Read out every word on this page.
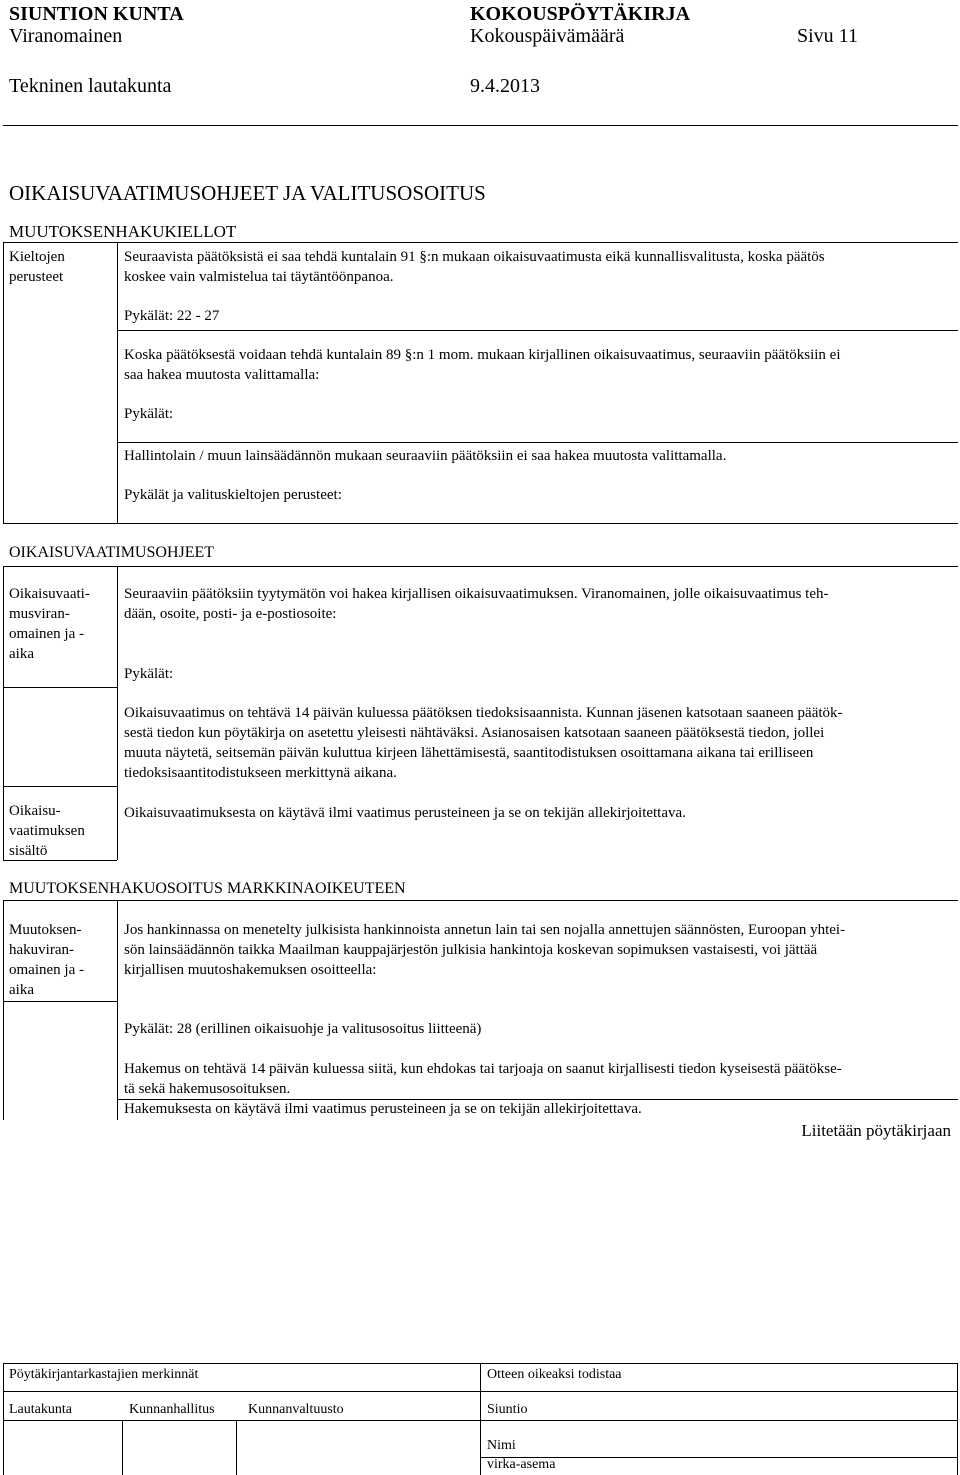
SIUNTION KUNTA	KOKOUSPÖYTÄKIRJA
Viranomainen	Kokouspäivämäärä	Sivu 11
Tekninen lautakunta	9.4.2013
OIKAISUVAATIMUSOHJEET JA VALITUSOSOITUS
MUUTOKSENHAKUKIELLOT
Kieltojen
perusteet
Seuraavista päätöksistä ei saa tehdä kuntalain 91 §:n mukaan oikaisuvaatimusta eikä kunnallisvalitusta, koska päätös
koskee vain valmistelua tai täytäntöönpanoa.
Pykälät: 22 - 27
Koska päätöksestä voidaan tehdä kuntalain 89 §:n 1 mom. mukaan kirjallinen oikaisuvaatimus, seuraaviin päätöksiin ei
saa hakea muutosta valittamalla:
Pykälät:
Hallintolain / muun lainsäädännön mukaan seuraaviin päätöksiin ei saa hakea muutosta valittamalla.
Pykälät ja valituskieltojen perusteet:
OIKAISUVAATIMUSOHJEET
Oikaisuvaati-
musviran-
omainen ja -
aika
Seuraaviin päätöksiin tyytymätön voi hakea kirjallisen oikaisuvaatimuksen. Viranomainen, jolle oikaisuvaatimus teh-
dään, osoite, posti- ja e-postiosoite:
Pykälät:
Oikaisuvaatimus on tehtävä 14 päivän kuluessa päätöksen tiedoksisaannista. Kunnan jäsenen katsotaan saaneen päätök-
sestä tiedon kun pöytäkirja on asetettu yleisesti nähtäväksi. Asianosaisen katsotaan saaneen päätöksestä tiedon, jollei
muuta näytetä, seitsemän päivän kuluttua kirjeen lähettämisestä, saantitodistuksen osoittamana aikana tai erilliseen
tiedoksisaantitodistukseen merkittynä aikana.
Oikaisu-
vaatimuksen
sisältö
Oikaisuvaatimuksesta on käytävä ilmi vaatimus perusteineen ja se on tekijän allekirjoitettava.
MUUTOKSENHAKUOSOITUS MARKKINAOIKEUTEEN
Muutoksen-
hakuviran-
omainen ja -
aika
Jos hankinnassa on menetelty julkisista hankinnoista annetun lain tai sen nojalla annettujen säännösten, Euroopan yhtei-
sön lainsäädännön taikka Maailman kauppajärjestön julkisia hankintoja koskevan sopimuksen vastaisesti, voi jättää
kirjallisen muutoshakemuksen osoitteella:
Pykälät: 28 (erillinen oikaisuohje ja valitusosoitus liitteenä)
Hakemus on tehtävä 14 päivän kuluessa siitä, kun ehdokas tai tarjoaja on saanut kirjallisesti tiedon kyseisestä päätökse-
tä sekä hakemusosoituksen.
Hakemuksesta on käytävä ilmi vaatimus perusteineen ja se on tekijän allekirjoitettava.
Liitetään pöytäkirjaan
Pöytäkirjantarkastajien merkinnät	Otteen oikeaksi todistaa
Lautakunta	Kunnanhallitus Kunnanvaltuusto	Siuntio
Nimi
virka-asema
